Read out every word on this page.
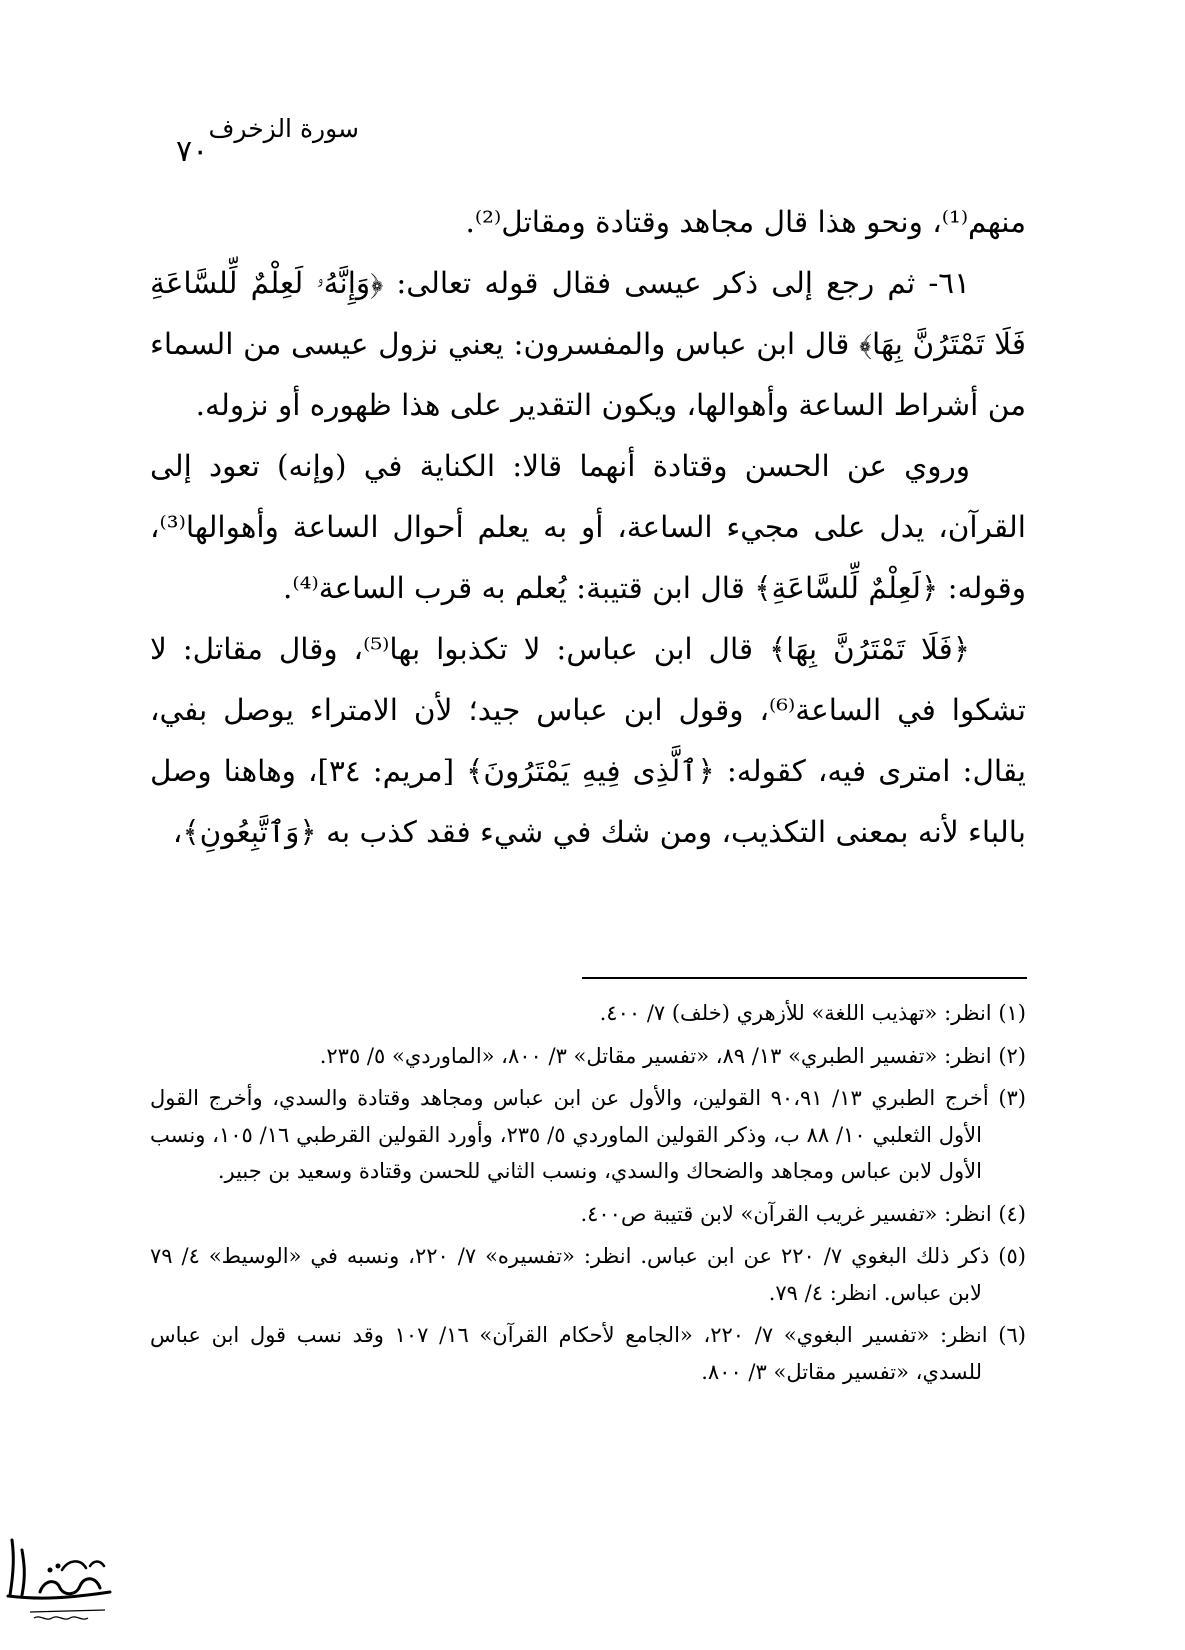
٧٠
سورة الزخرف

منهم⁽¹⁾، ونحو هذا قال مجاهد وقتادة ومقاتل⁽²⁾.

٦١- ثم رجع إلى ذكر عيسى فقال قوله تعالى: ﴿وَإِنَّهُۥ لَعِلْمٌ لِّلسَّاعَةِ فَلَا تَمْتَرُنَّ بِهَا﴾ قال ابن عباس والمفسرون: يعني نزول عيسى من السماء من أشراط الساعة وأهوالها، ويكون التقدير على هذا ظهوره أو نزوله.

وروي عن الحسن وقتادة أنهما قالا: الكناية في (وإنه) تعود إلى القرآن، يدل على مجيء الساعة، أو به يعلم أحوال الساعة وأهوالها⁽³⁾، وقوله: ﴿لَعِلْمٌ لِّلسَّاعَةِ﴾ قال ابن قتيبة: يُعلم به قرب الساعة⁽⁴⁾.

﴿فَلَا تَمْتَرُنَّ بِهَا﴾ قال ابن عباس: لا تكذبوا بها⁽⁵⁾، وقال مقاتل: لا تشكوا في الساعة⁽⁶⁾، وقول ابن عباس جيد؛ لأن الامتراء يوصل بفي، يقال: امترى فيه، كقوله: ﴿ٱلَّذِى فِيهِ يَمْتَرُونَ﴾ [مريم: ٣٤]، وهاهنا وصل بالباء لأنه بمعنى التكذيب، ومن شك في شيء فقد كذب به ﴿وَٱتَّبِعُونِ﴾،

(١) انظر: «تهذيب اللغة» للأزهري (خلف) ٧/ ٤٠٠.

(٢) انظر: «تفسير الطبري» ١٣/ ٨٩، «تفسير مقاتل» ٣/ ٨٠٠، «الماوردي» ٥/ ٢٣٥.

(٣) أخرج الطبري ١٣/ ٩٠،٩١ القولين، والأول عن ابن عباس ومجاهد وقتادة والسدي، وأخرج القول الأول الثعلبي ١٠/ ٨٨ ب، وذكر القولين الماوردي ٥/ ٢٣٥، وأورد القولين القرطبي ١٦/ ١٠٥، ونسب الأول لابن عباس ومجاهد والضحاك والسدي، ونسب الثاني للحسن وقتادة وسعيد بن جبير.

(٤) انظر: «تفسير غريب القرآن» لابن قتيبة ص٤٠٠.

(٥) ذكر ذلك البغوي ٧/ ٢٢٠ عن ابن عباس. انظر: «تفسيره» ٧/ ٢٢٠، ونسبه في «الوسيط» ٤/ ٧٩ لابن عباس. انظر: ٤/ ٧٩.

(٦) انظر: «تفسير البغوي» ٧/ ٢٢٠، «الجامع لأحكام القرآن» ١٦/ ١٠٧ وقد نسب قول ابن عباس للسدي، «تفسير مقاتل» ٣/ ٨٠٠.
